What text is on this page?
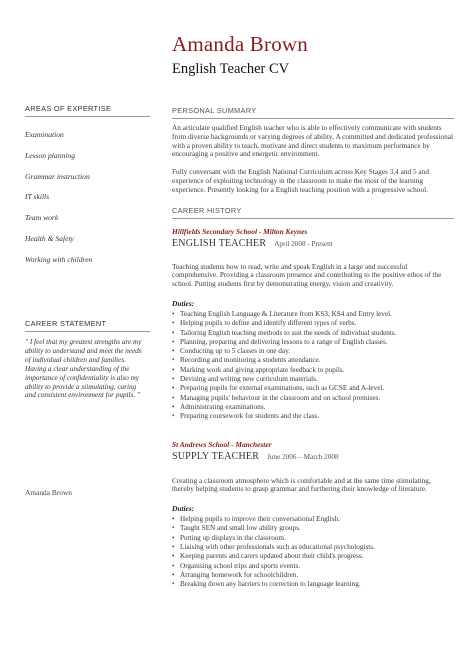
Amanda Brown
English Teacher CV
AREAS OF EXPERTISE
Examination
Lesson planning
Grammar instruction
IT skills
Team work
Health & Safety
Working with children
CAREER STATEMENT
" I feel that my greatest strengths are my ability to understand and meet the needs of individual children and families. Having a clear understanding of the importance of confidentiality is also my ability to provide a stimulating, caring and consistent environment for pupils. "
Amanda Brown
PERSONAL SUMMARY

An articulate qualified English teacher who is able to effectively communicate with students from diverse backgrounds or varying degrees of ability. A committed and dedicated professional with a proven ability to teach, motivate and direct students to maximum performance by encouraging a positive and energetic environment.

Fully conversant with the English National Curriculum across Key Stages 3,4 and 5 and experience of exploiting technology in the classroom to make the most of the learning experience. Presently looking for a English teaching position with a progressive school.

CAREER HISTORY
Hillfields Secondary School - Milton Keynes
ENGLISH TEACHER April 2008 - Present

Teaching students how to read, write and speak English in a large and successful comprehensive. Providing a classroom presence and contributing to the positive ethos of the school. Putting students first by demonstrating energy, vision and creativity.

Duties:
• Teaching English Language & Literature from KS3, KS4 and Entry level.
• Helping pupils to define and identify different types of verbs.
• Tailoring English teaching methods to suit the needs of individual students.
• Planning, preparing and delivering lessons to a range of English classes.
• Conducting up to 5 classes in one day.
• Recording and monitoring a students attendance.
• Marking work and giving appropriate feedback to pupils.
• Devising and writing new curriculum materials.
• Preparing pupils for external examinations, such as GCSE and A-level.
• Managing pupils' behaviour in the classroom and on school premises.
• Administrating examinations.
• Preparing coursework for students and the class.
St Andrews School - Manchester
SUPPLY TEACHER June 2006 – March 2008

Creating a classroom atmosphere which is comfortable and at the same time stimulating, thereby helping students to grasp grammar and furthering their knowledge of literature.

Duties:
• Helping pupils to improve their conversational English.
• Taught SEN and small low ability groups.
• Putting up displays in the classroom.
• Liaising with other professionals such as educational psychologists.
• Keeping parents and carers updated about their child's progress.
• Organising school trips and sports events.
• Arranging homework for schoolchildren.
• Breaking down any barriers to correction to language learning.
